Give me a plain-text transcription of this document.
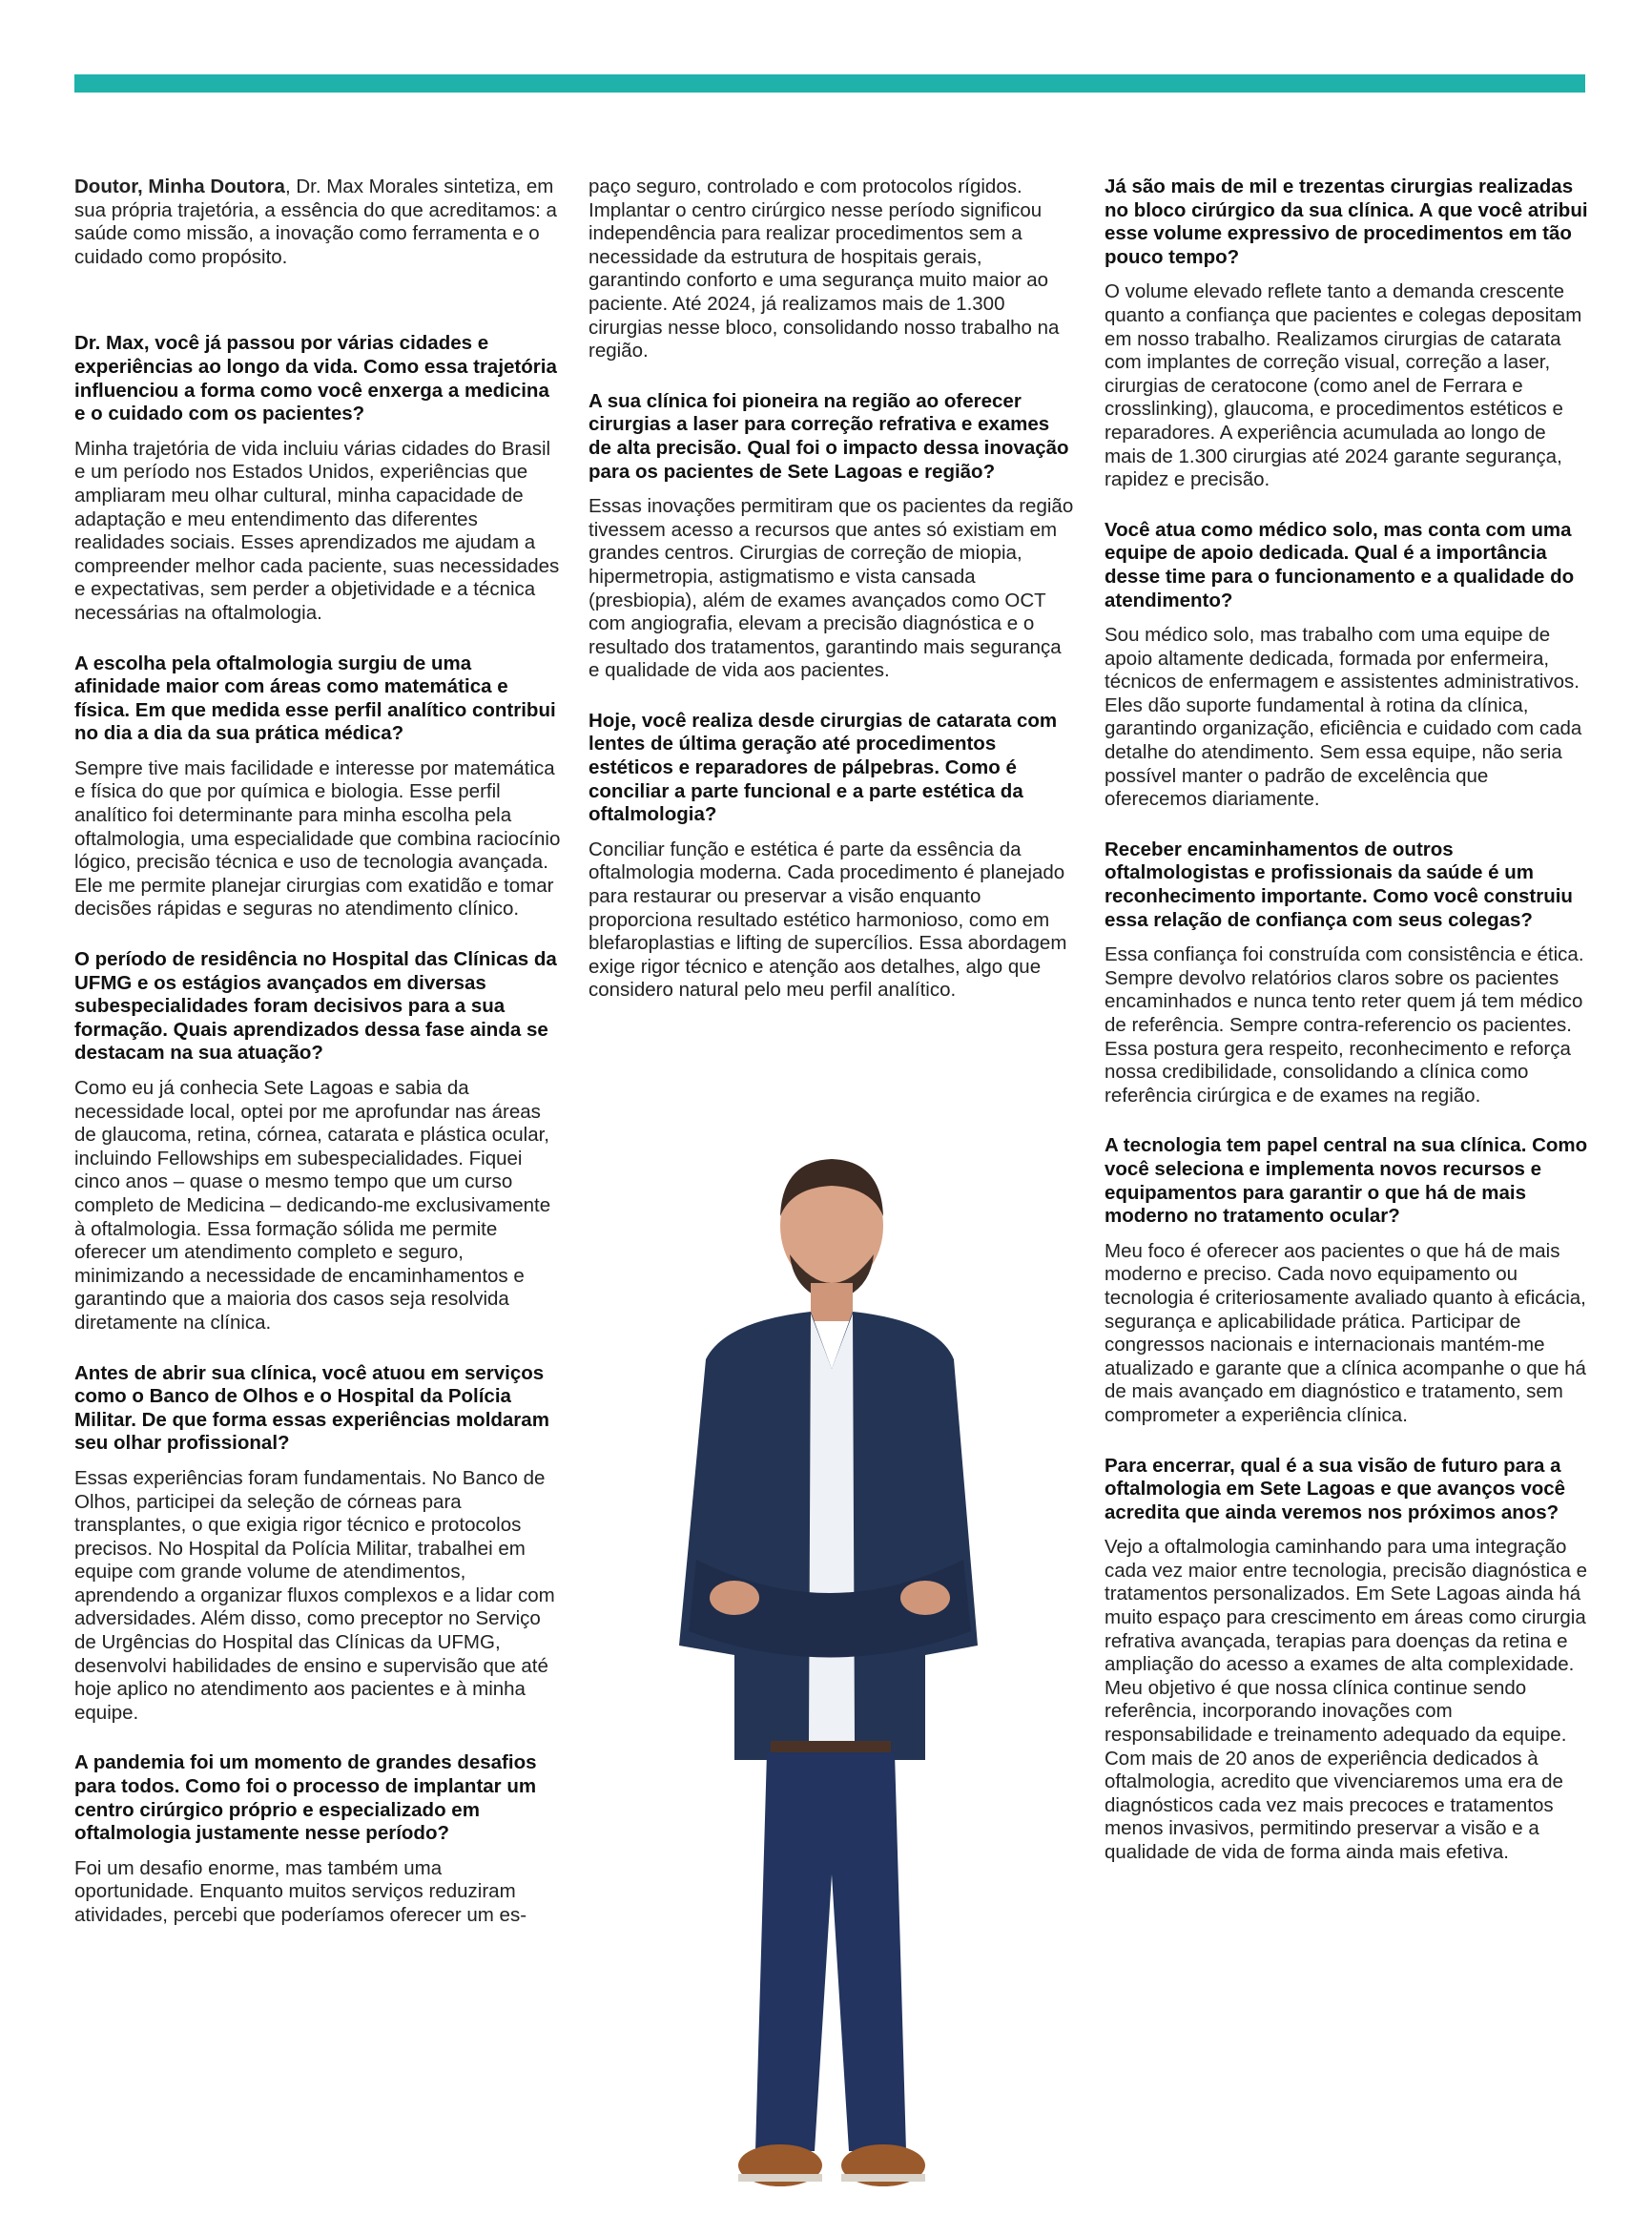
Doutor, Minha Doutora, Dr. Max Morales sintetiza, em sua própria trajetória, a essência do que acreditamos: a saúde como missão, a inovação como ferramenta e o cuidado como propósito.

Dr. Max, você já passou por várias cidades e experiências ao longo da vida. Como essa trajetória influenciou a forma como você enxerga a medicina e o cuidado com os pacientes?

Minha trajetória de vida incluiu várias cidades do Brasil e um período nos Estados Unidos, experiências que ampliaram meu olhar cultural, minha capacidade de adaptação e meu entendimento das diferentes realidades sociais. Esses aprendizados me ajudam a compreender melhor cada paciente, suas necessidades e expectativas, sem perder a objetividade e a técnica necessárias na oftalmologia.

A escolha pela oftalmologia surgiu de uma afinidade maior com áreas como matemática e física. Em que medida esse perfil analítico contribui no dia a dia da sua prática médica?

Sempre tive mais facilidade e interesse por matemática e física do que por química e biologia. Esse perfil analítico foi determinante para minha escolha pela oftalmologia, uma especialidade que combina raciocínio lógico, precisão técnica e uso de tecnologia avançada. Ele me permite planejar cirurgias com exatidão e tomar decisões rápidas e seguras no atendimento clínico.

O período de residência no Hospital das Clínicas da UFMG e os estágios avançados em diversas subespecialidades foram decisivos para a sua formação. Quais aprendizados dessa fase ainda se destacam na sua atuação?

Como eu já conhecia Sete Lagoas e sabia da necessidade local, optei por me aprofundar nas áreas de glaucoma, retina, córnea, catarata e plástica ocular, incluindo Fellowships em subespecialidades. Fiquei cinco anos – quase o mesmo tempo que um curso completo de Medicina – dedicando-me exclusivamente à oftalmologia. Essa formação sólida me permite oferecer um atendimento completo e seguro, minimizando a necessidade de encaminhamentos e garantindo que a maioria dos casos seja resolvida diretamente na clínica.

Antes de abrir sua clínica, você atuou em serviços como o Banco de Olhos e o Hospital da Polícia Militar. De que forma essas experiências moldaram seu olhar profissional?

Essas experiências foram fundamentais. No Banco de Olhos, participei da seleção de córneas para transplantes, o que exigia rigor técnico e protocolos precisos. No Hospital da Polícia Militar, trabalhei em equipe com grande volume de atendimentos, aprendendo a organizar fluxos complexos e a lidar com adversidades. Além disso, como preceptor no Serviço de Urgências do Hospital das Clínicas da UFMG, desenvolvi habilidades de ensino e supervisão que até hoje aplico no atendimento aos pacientes e à minha equipe.

A pandemia foi um momento de grandes desafios para todos. Como foi o processo de implantar um centro cirúrgico próprio e especializado em oftalmologia justamente nesse período?

Foi um desafio enorme, mas também uma oportunidade. Enquanto muitos serviços reduziram atividades, percebi que poderíamos oferecer um es-

paço seguro, controlado e com protocolos rígidos. Implantar o centro cirúrgico nesse período significou independência para realizar procedimentos sem a necessidade da estrutura de hospitais gerais, garantindo conforto e uma segurança muito maior ao paciente. Até 2024, já realizamos mais de 1.300 cirurgias nesse bloco, consolidando nosso trabalho na região.

A sua clínica foi pioneira na região ao oferecer cirurgias a laser para correção refrativa e exames de alta precisão. Qual foi o impacto dessa inovação para os pacientes de Sete Lagoas e região?

Essas inovações permitiram que os pacientes da região tivessem acesso a recursos que antes só existiam em grandes centros. Cirurgias de correção de miopia, hipermetropia, astigmatismo e vista cansada (presbiopia), além de exames avançados como OCT com angiografia, elevam a precisão diagnóstica e o resultado dos tratamentos, garantindo mais segurança e qualidade de vida aos pacientes.

Hoje, você realiza desde cirurgias de catarata com lentes de última geração até procedimentos estéticos e reparadores de pálpebras. Como é conciliar a parte funcional e a parte estética da oftalmologia?

Conciliar função e estética é parte da essência da oftalmologia moderna. Cada procedimento é planejado para restaurar ou preservar a visão enquanto proporciona resultado estético harmonioso, como em blefaroplastias e lifting de supercílios. Essa abordagem exige rigor técnico e atenção aos detalhes, algo que considero natural pelo meu perfil analítico.

Já são mais de mil e trezentas cirurgias realizadas no bloco cirúrgico da sua clínica. A que você atribui esse volume expressivo de procedimentos em tão pouco tempo?

O volume elevado reflete tanto a demanda crescente quanto a confiança que pacientes e colegas depositam em nosso trabalho. Realizamos cirurgias de catarata com implantes de correção visual, correção a laser, cirurgias de ceratocone (como anel de Ferrara e crosslinking), glaucoma, e procedimentos estéticos e reparadores. A experiência acumulada ao longo de mais de 1.300 cirurgias até 2024 garante segurança, rapidez e precisão.

Você atua como médico solo, mas conta com uma equipe de apoio dedicada. Qual é a importância desse time para o funcionamento e a qualidade do atendimento?

Sou médico solo, mas trabalho com uma equipe de apoio altamente dedicada, formada por enfermeira, técnicos de enfermagem e assistentes administrativos. Eles dão suporte fundamental à rotina da clínica, garantindo organização, eficiência e cuidado com cada detalhe do atendimento. Sem essa equipe, não seria possível manter o padrão de excelência que oferecemos diariamente.

Receber encaminhamentos de outros oftalmologistas e profissionais da saúde é um reconhecimento importante. Como você construiu essa relação de confiança com seus colegas?

Essa confiança foi construída com consistência e ética. Sempre devolvo relatórios claros sobre os pacientes encaminhados e nunca tento reter quem já tem médico de referência. Sempre contra-referencio os pacientes. Essa postura gera respeito, reconhecimento e reforça nossa credibilidade, consolidando a clínica como referência cirúrgica e de exames na região.

A tecnologia tem papel central na sua clínica. Como você seleciona e implementa novos recursos e equipamentos para garantir o que há de mais moderno no tratamento ocular?

Meu foco é oferecer aos pacientes o que há de mais moderno e preciso. Cada novo equipamento ou tecnologia é criteriosamente avaliado quanto à eficácia, segurança e aplicabilidade prática. Participar de congressos nacionais e internacionais mantém-me atualizado e garante que a clínica acompanhe o que há de mais avançado em diagnóstico e tratamento, sem comprometer a experiência clínica.

Para encerrar, qual é a sua visão de futuro para a oftalmologia em Sete Lagoas e que avanços você acredita que ainda veremos nos próximos anos?

Vejo a oftalmologia caminhando para uma integração cada vez maior entre tecnologia, precisão diagnóstica e tratamentos personalizados. Em Sete Lagoas ainda há muito espaço para crescimento em áreas como cirurgia refrativa avançada, terapias para doenças da retina e ampliação do acesso a exames de alta complexidade. Meu objetivo é que nossa clínica continue sendo referência, incorporando inovações com responsabilidade e treinamento adequado da equipe. Com mais de 20 anos de experiência dedicados à oftalmologia, acredito que vivenciaremos uma era de diagnósticos cada vez mais precoces e tratamentos menos invasivos, permitindo preservar a visão e a qualidade de vida de forma ainda mais efetiva.
